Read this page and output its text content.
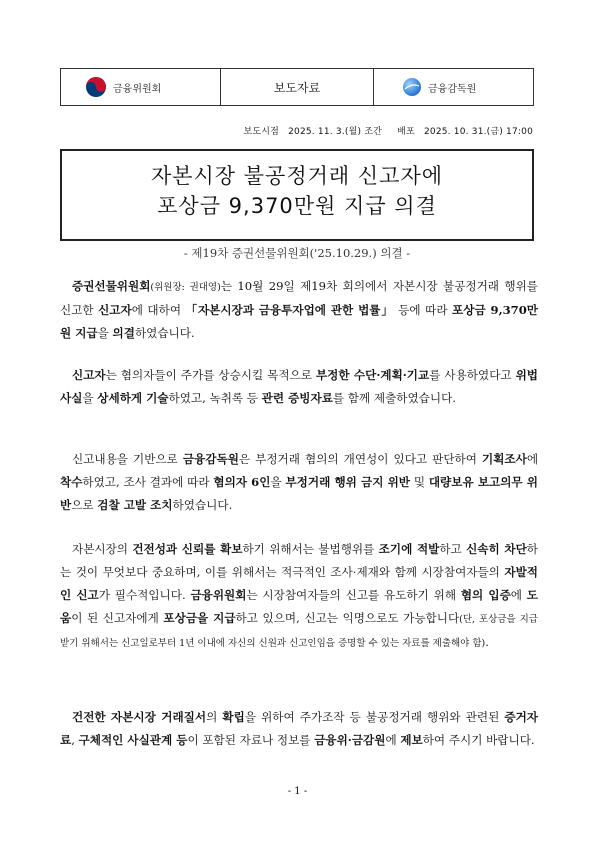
금융위원회	보도자료	금융감독원
보도시점 2025. 11. 3.(월) 조간 배포 2025. 10. 31.(금) 17:00
자본시장 불공정거래 신고자에
포상금 9,370만원 지급 의결
- 제19차 증권선물위원회('25.10.29.) 의결 -
증권선물위원회(위원장: 권대영)는 10월 29일 제19차 회의에서 자본시장 불공정거래 행위를 신고한 신고자에 대하여 「자본시장과 금융투자업에 관한 법률」 등에 따라 포상금 9,370만원 지급을 의결하였습니다.
신고자는 혐의자들이 주가를 상승시킬 목적으로 부정한 수단·계획·기교를 사용하였다고 위법사실을 상세하게 기술하였고, 녹취록 등 관련 증빙자료를 함께 제출하였습니다.
신고내용을 기반으로 금융감독원은 부정거래 혐의의 개연성이 있다고 판단하여 기획조사에 착수하였고, 조사 결과에 따라 혐의자 6인을 부정거래 행위 금지 위반 및 대량보유 보고의무 위반으로 검찰 고발 조치하였습니다.
자본시장의 건전성과 신뢰를 확보하기 위해서는 불법행위를 조기에 적발하고 신속히 차단하는 것이 무엇보다 중요하며, 이를 위해서는 적극적인 조사·제재와 함께 시장참여자들의 자발적인 신고가 필수적입니다. 금융위원회는 시장참여자들의 신고를 유도하기 위해 혐의 입증에 도움이 된 신고자에게 포상금을 지급하고 있으며, 신고는 익명으로도 가능합니다(단, 포상금을 지급받기 위해서는 신고일로부터 1년 이내에 자신의 신원과 신고인임을 증명할 수 있는 자료를 제출해야 함).
건전한 자본시장 거래질서의 확립을 위하여 주가조작 등 불공정거래 행위와 관련된 증거자료, 구체적인 사실관계 등이 포함된 자료나 정보를 금융위·금감원에 제보하여 주시기 바랍니다.
- 1 -
